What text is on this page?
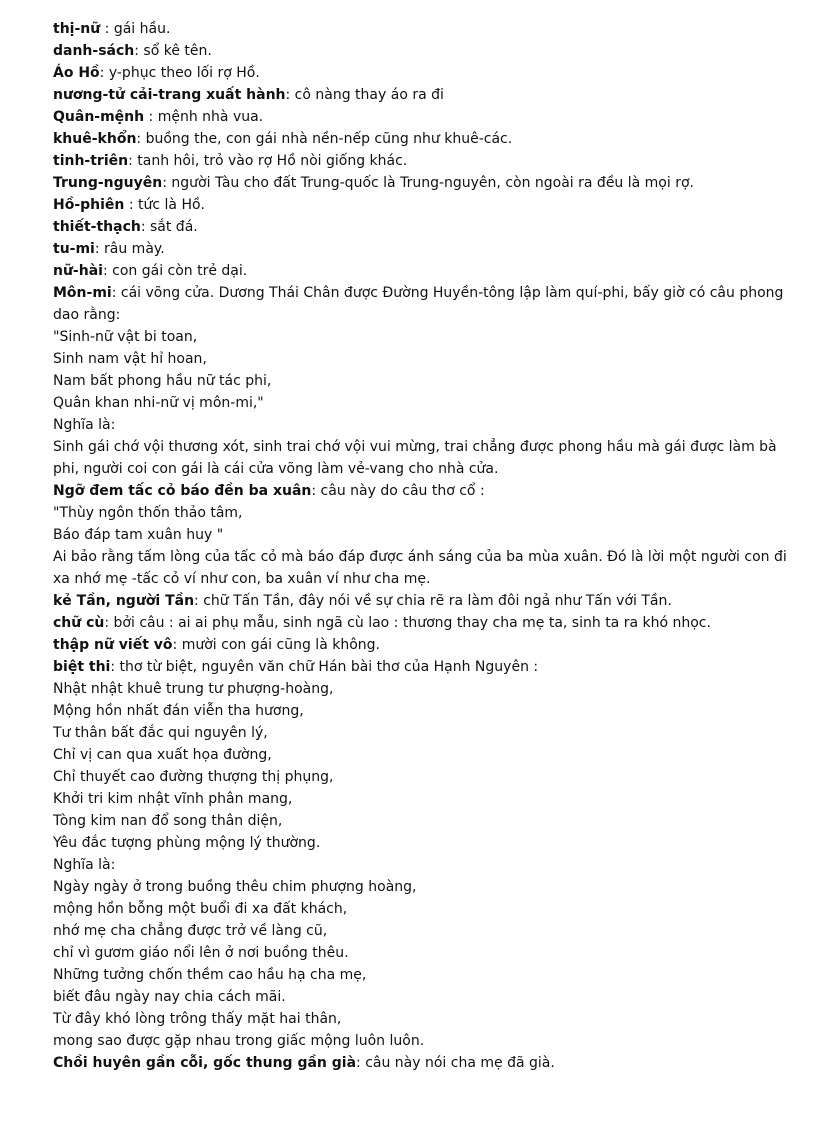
thị-nữ : gái hầu.
danh-sách: sổ kê tên.
Áo Hồ: y-phục theo lối rợ Hồ.
nương-tử cải-trang xuất hành: cô nàng thay áo ra đi
Quân-mệnh : mệnh nhà vua.
khuê-khổn: buồng the, con gái nhà nền-nếp cũng như khuê-các.
tinh-triên: tanh hôi, trỏ vào rợ Hồ nòi giống khác.
Trung-nguyên: người Tàu cho đất Trung-quốc là Trung-nguyên, còn ngoài ra đều là mọi rợ.
Hồ-phiên : tức là Hồ.
thiết-thạch: sắt đá.
tu-mi: râu mày.
nữ-hài: con gái còn trẻ dại.
Môn-mi: cái võng cửa. Dương Thái Chân được Đường Huyền-tông lập làm quí-phi, bấy giờ có câu phong dao rằng:
"Sinh-nữ vật bi toan,
Sinh nam vật hỉ hoan,
Nam bất phong hầu nữ tác phi,
Quân khan nhi-nữ vị môn-mi,"
Nghĩa là:
Sinh gái chớ vội thương xót, sinh trai chớ vội vui mừng, trai chẳng được phong hầu mà gái được làm bà phi, người coi con gái là cái cửa võng làm vẻ-vang cho nhà cửa.
Ngỡ đem tấc cỏ báo đền ba xuân: câu này do câu thơ cổ :
"Thùy ngôn thốn thảo tâm,
Báo đáp tam xuân huy "
Ai bảo rằng tấm lòng của tấc cỏ mà báo đáp được ánh sáng của ba mùa xuân. Đó là lời một người con đi xa nhớ mẹ -tấc cỏ ví như con, ba xuân ví như cha mẹ.
kẻ Tần, người Tần: chữ Tấn Tần, đây nói về sự chia rẽ ra làm đôi ngả như Tấn với Tần.
chữ cù: bởi câu : ai ai phụ mẫu, sinh ngã cù lao : thương thay cha mẹ ta, sinh ta ra khó nhọc.
thập nữ viết vô: mười con gái cũng là không.
biệt thi: thơ từ biệt, nguyên văn chữ Hán bài thơ của Hạnh Nguyên :
Nhật nhật khuê trung tư phượng-hoàng,
Mộng hồn nhất đán viễn tha hương,
Tư thân bất đắc qui nguyên lý,
Chỉ vị can qua xuất họa đường,
Chỉ thuyết cao đường thượng thị phụng,
Khởi tri kim nhật vĩnh phân mang,
Tòng kim nan đổ song thân diện,
Yêu đắc tượng phùng mộng lý thường.
Nghĩa là:
Ngày ngày ở trong buồng thêu chim phượng hoàng,
mộng hồn bỗng một buổi đi xa đất khách,
nhớ mẹ cha chẳng được trở về làng cũ,
chỉ vì gươm giáo nổi lên ở nơi buồng thêu.
Những tưởng chốn thềm cao hầu hạ cha mẹ,
biết đâu ngày nay chia cách mãi.
Từ đây khó lòng trông thấy mặt hai thân,
mong sao được gặp nhau trong giấc mộng luôn luôn.
Chồi huyên gần cỗi, gốc thung gần già: câu này nói cha mẹ đã già.
